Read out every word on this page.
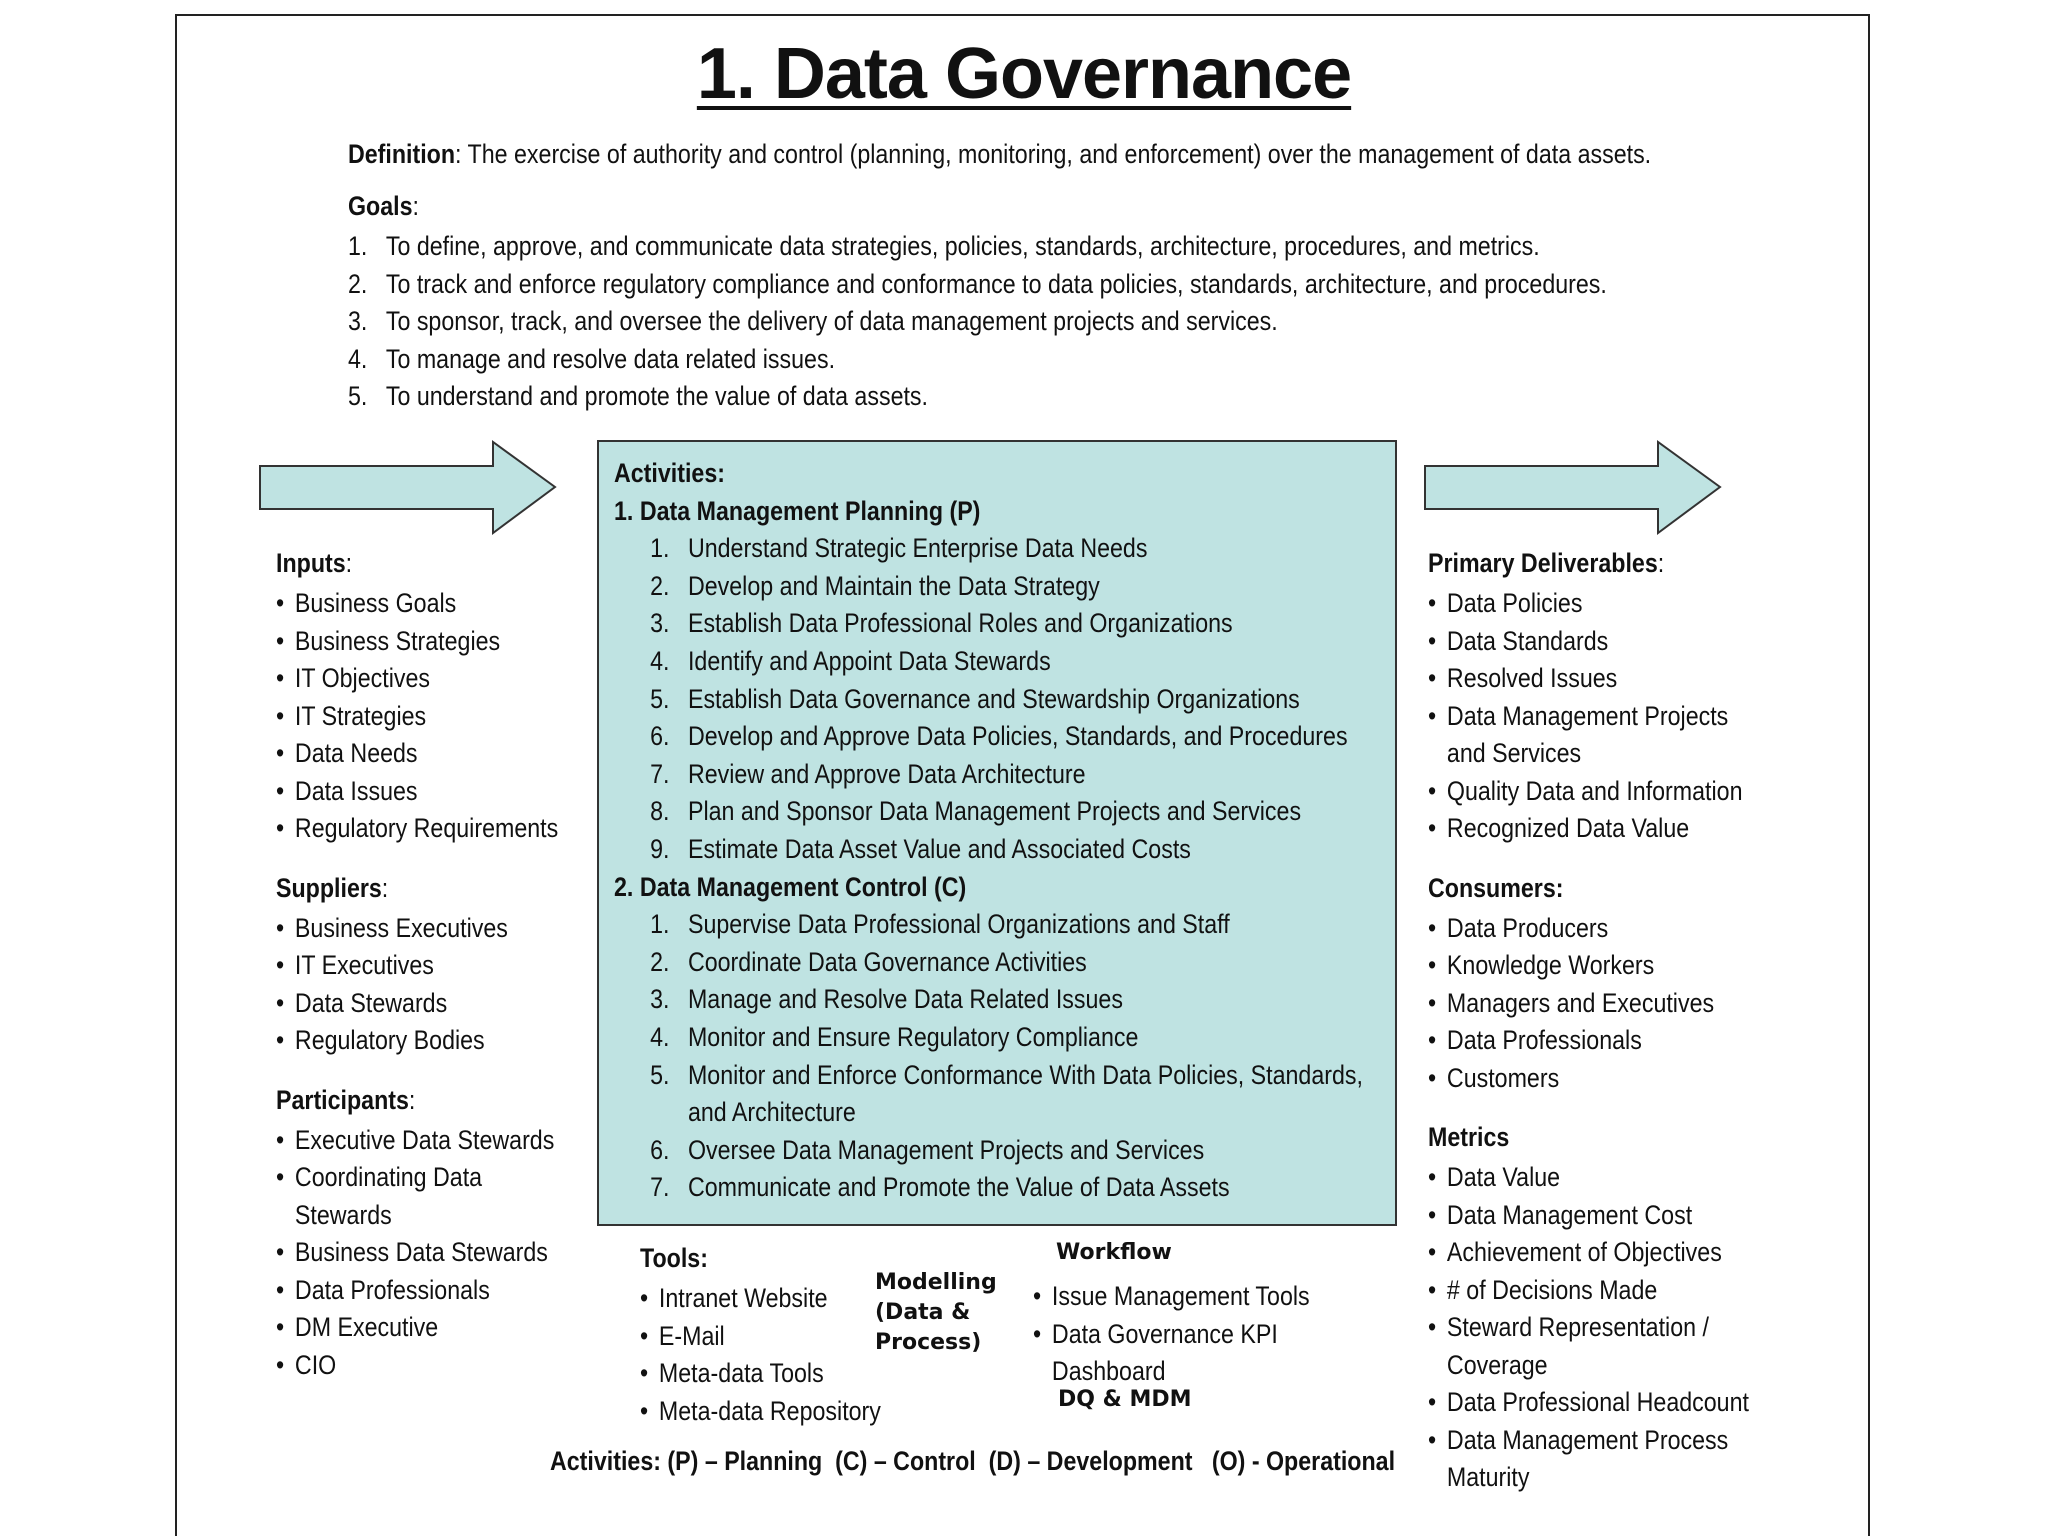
1. Data Governance
Definition: The exercise of authority and control (planning, monitoring, and enforcement) over the management of data assets.
Goals:
1. To define, approve, and communicate data strategies, policies, standards, architecture, procedures, and metrics.
2. To track and enforce regulatory compliance and conformance to data policies, standards, architecture, and procedures.
3. To sponsor, track, and oversee the delivery of data management projects and services.
4. To manage and resolve data related issues.
5. To understand and promote the value of data assets.
Activities:
1. Data Management Planning (P)
1. Understand Strategic Enterprise Data Needs
2. Develop and Maintain the Data Strategy
3. Establish Data Professional Roles and Organizations
4. Identify and Appoint Data Stewards
5. Establish Data Governance and Stewardship Organizations
6. Develop and Approve Data Policies, Standards, and Procedures
7. Review and Approve Data Architecture
8. Plan and Sponsor Data Management Projects and Services
9. Estimate Data Asset Value and Associated Costs
2. Data Management Control (C)
1. Supervise Data Professional Organizations and Staff
2. Coordinate Data Governance Activities
3. Manage and Resolve Data Related Issues
4. Monitor and Ensure Regulatory Compliance
5. Monitor and Enforce Conformance With Data Policies, Standards,
and Architecture
6. Oversee Data Management Projects and Services
7. Communicate and Promote the Value of Data Assets
Inputs:
• Business Goals
• Business Strategies
• IT Objectives
• IT Strategies
• Data Needs
• Data Issues
• Regulatory Requirements
Suppliers:
• Business Executives
• IT Executives
• Data Stewards
• Regulatory Bodies
Participants:
• Executive Data Stewards
• Coordinating Data
Stewards
• Business Data Stewards
• Data Professionals
• DM Executive
• CIO
Primary Deliverables:
• Data Policies
• Data Standards
• Resolved Issues
• Data Management Projects
and Services
• Quality Data and Information
• Recognized Data Value
Consumers:
• Data Producers
• Knowledge Workers
• Managers and Executives
• Data Professionals
• Customers
Metrics
• Data Value
• Data Management Cost
• Achievement of Objectives
• # of Decisions Made
• Steward Representation /
Coverage
• Data Professional Headcount
• Data Management Process
Maturity
Tools:
• Intranet Website
• E-Mail
• Meta-data Tools
• Meta-data Repository
• Issue Management Tools
• Data Governance KPI
Dashboard
Modelling
(Data &
Process)
Workflow
DQ & MDM
Activities: (P) – Planning  (C) – Control  (D) – Development   (O) - Operational
